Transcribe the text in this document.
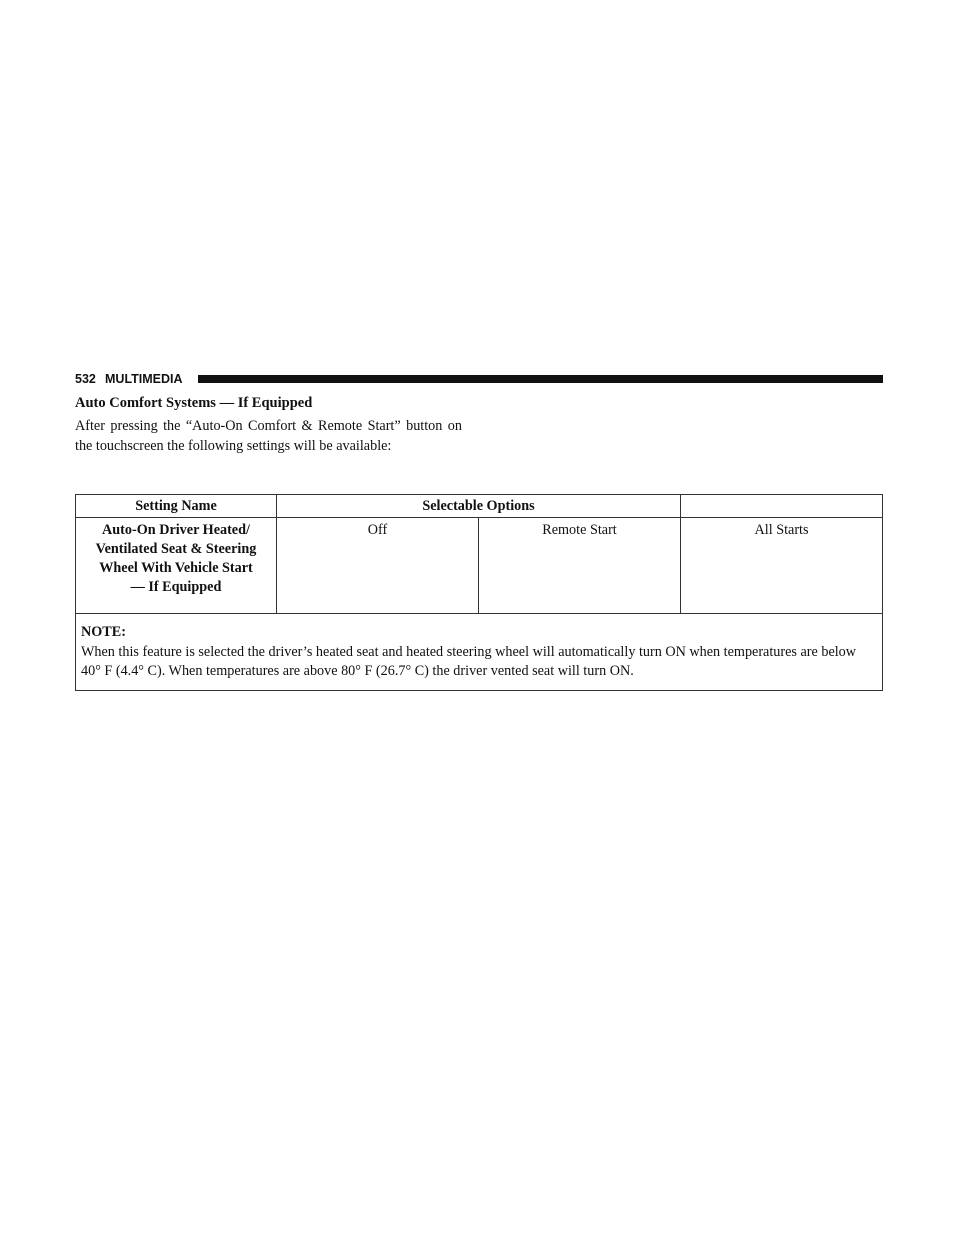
532 MULTIMEDIA
Auto Comfort Systems — If Equipped
After pressing the “Auto-On Comfort & Remote Start” button on the touchscreen the following settings will be available:
Setting Name	Selectable Options		
Auto-On Driver Heated/
Ventilated Seat & Steering
Wheel With Vehicle Start
— If Equipped	Off	Remote Start	All Starts

NOTE:
When this feature is selected the driver’s heated seat and heated steering wheel will automatically turn ON when temperatures are below 40° F (4.4° C). When temperatures are above 80° F (26.7° C) the driver vented seat will turn ON.			
